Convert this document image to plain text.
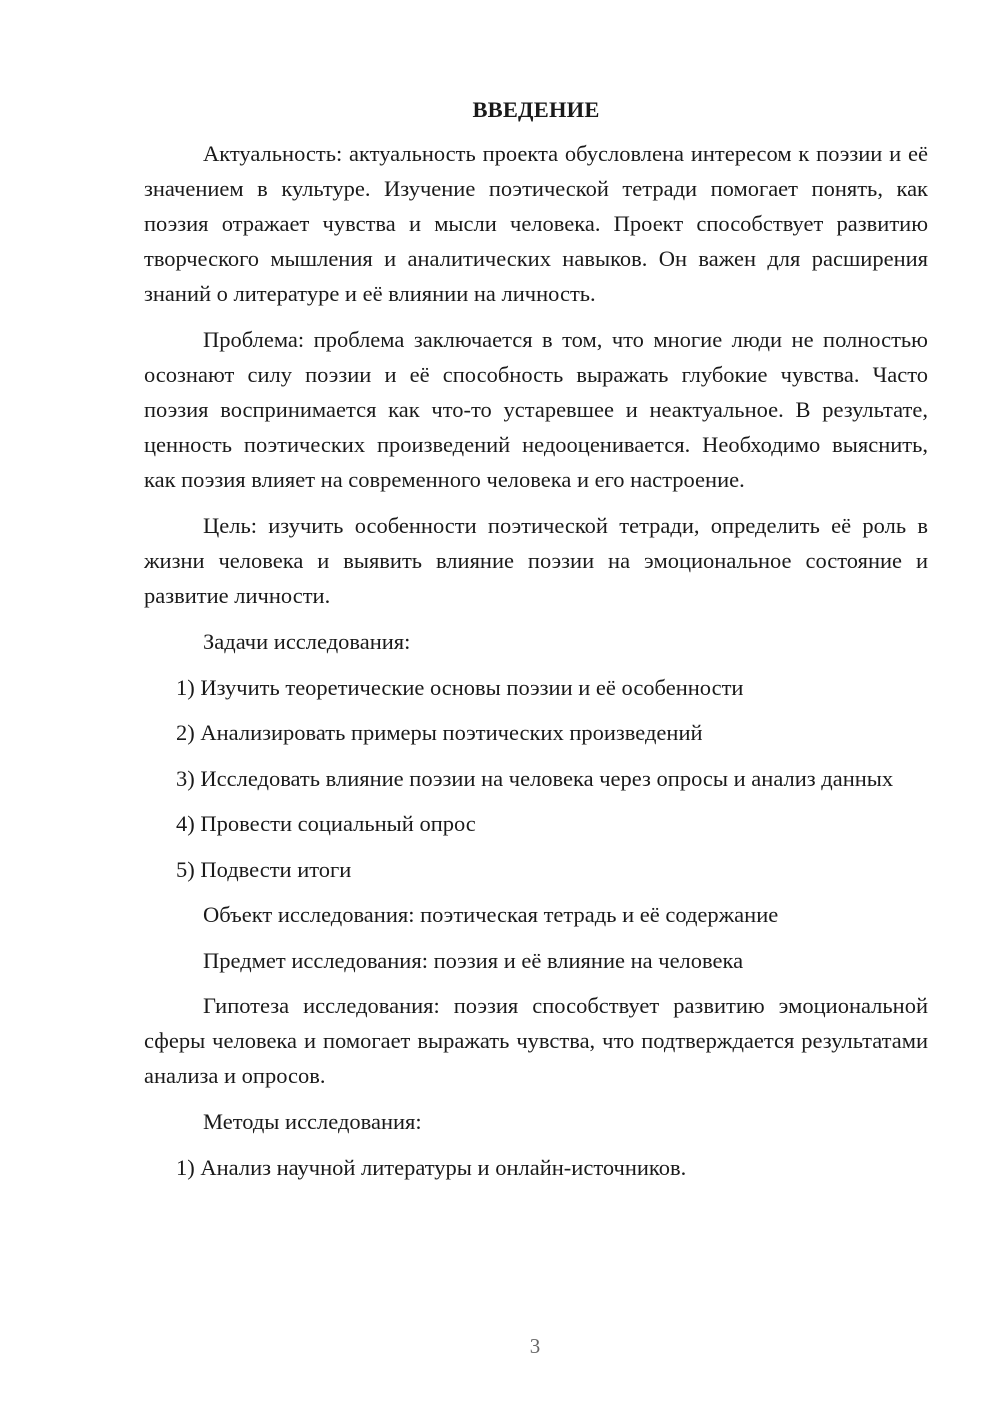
ВВЕДЕНИЕ

Актуальность: актуальность проекта обусловлена интересом к поэзии и её значением в культуре. Изучение поэтической тетради помогает понять, как поэзия отражает чувства и мысли человека. Проект способствует развитию творческого мышления и аналитических навыков. Он важен для расширения знаний о литературе и её влиянии на личность.

Проблема: проблема заключается в том, что многие люди не полностью осознают силу поэзии и её способность выражать глубокие чувства. Часто поэзия воспринимается как что-то устаревшее и неактуальное. В результате, ценность поэтических произведений недооценивается. Необходимо выяснить, как поэзия влияет на современного человека и его настроение.

Цель: изучить особенности поэтической тетради, определить её роль в жизни человека и выявить влияние поэзии на эмоциональное состояние и развитие личности.

Задачи исследования:
1) Изучить теоретические основы поэзии и её особенности
2) Анализировать примеры поэтических произведений

3) Исследовать влияние поэзии на человека через опросы и анализ данных

4) Провести социальный опрос
5) Подвести итоги
Объект исследования: поэтическая тетрадь и её содержание
Предмет исследования: поэзия и её влияние на человека

Гипотеза исследования: поэзия способствует развитию эмоциональной сферы человека и помогает выражать чувства, что подтверждается результатами анализа и опросов.

Методы исследования:
1) Анализ научной литературы и онлайн-источников.
3
